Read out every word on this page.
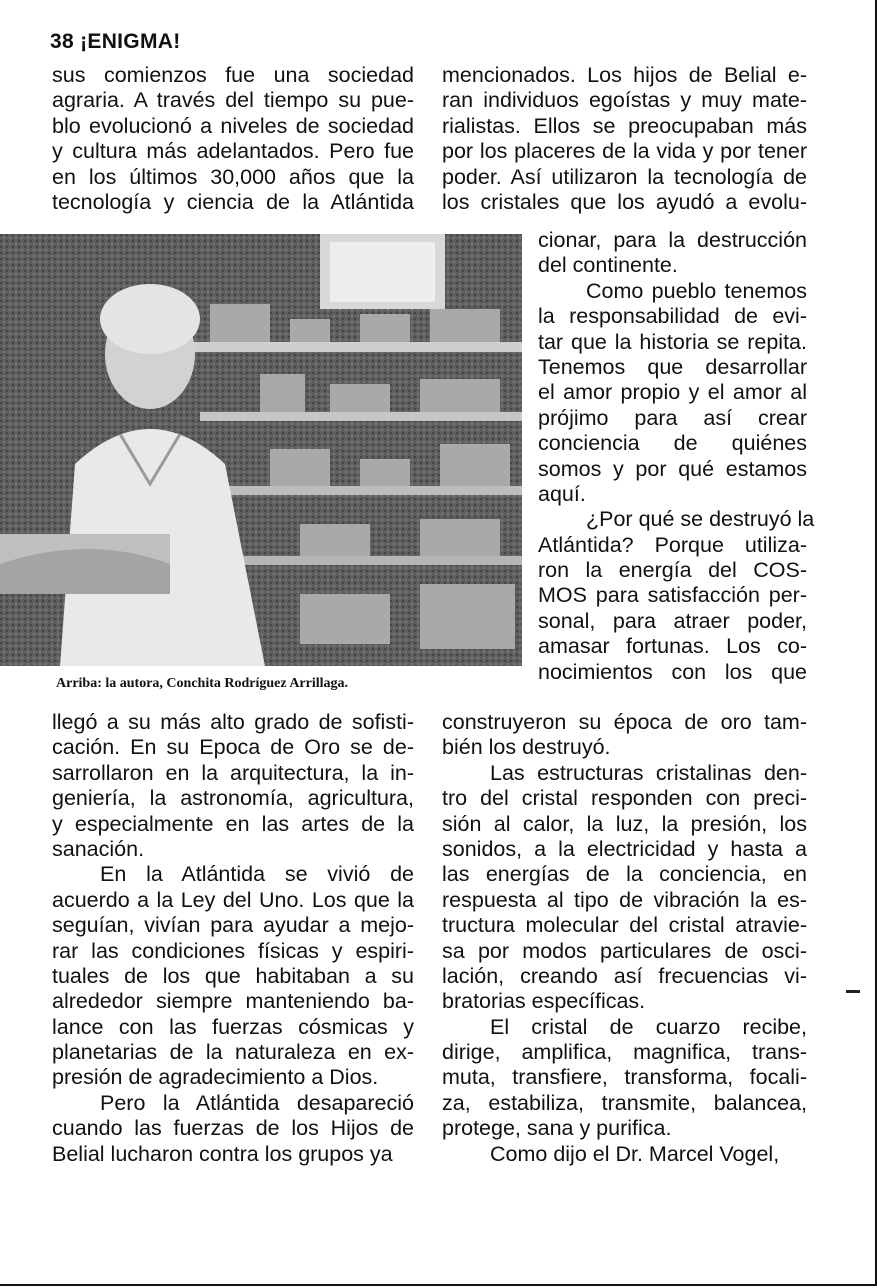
38 ¡ENIGMA!
sus comienzos fue una sociedad
agraria. A través del tiempo su pue-
blo evolucionó a niveles de sociedad
y cultura más adelantados. Pero fue
en los últimos 30,000 años que la
tecnología y ciencia de la Atlántida
Arriba: la autora, Conchita Rodríguez Arrillaga.
llegó a su más alto grado de sofisti-
cación. En su Epoca de Oro se de-
sarrollaron en la arquitectura, la in-
geniería, la astronomía, agricultura,
y especialmente en las artes de la
sanación.
En la Atlántida se vivió de
acuerdo a la Ley del Uno. Los que la
seguían, vivían para ayudar a mejo-
rar las condiciones físicas y espiri-
tuales de los que habitaban a su
alrededor siempre manteniendo ba-
lance con las fuerzas cósmicas y
planetarias de la naturaleza en ex-
presión de agradecimiento a Dios.
Pero la Atlántida desapareció
cuando las fuerzas de los Hijos de
Belial lucharon contra los grupos ya
mencionados. Los hijos de Belial e-
ran individuos egoístas y muy mate-
rialistas. Ellos se preocupaban más
por los placeres de la vida y por tener
poder. Así utilizaron la tecnología de
los cristales que los ayudó a evolu-
cionar, para la destrucción
del continente.
Como pueblo tenemos
la responsabilidad de evi-
tar que la historia se repita.
Tenemos que desarrollar
el amor propio y el amor al
prójimo para así crear
conciencia de quiénes
somos y por qué estamos
aquí.
¿Por qué se destruyó la
Atlántida? Porque utiliza-
ron la energía del COS-
MOS para satisfacción per-
sonal, para atraer poder,
amasar fortunas. Los co-
nocimientos con los que
construyeron su época de oro tam-
bién los destruyó.
Las estructuras cristalinas den-
tro del cristal responden con preci-
sión al calor, la luz, la presión, los
sonidos, a la electricidad y hasta a
las energías de la conciencia, en
respuesta al tipo de vibración la es-
tructura molecular del cristal atravie-
sa por modos particulares de osci-
lación, creando así frecuencias vi-
bratorias específicas.
El cristal de cuarzo recibe,
dirige, amplifica, magnifica, trans-
muta, transfiere, transforma, focali-
za, estabiliza, transmite, balancea,
protege, sana y purifica.
Como dijo el Dr. Marcel Vogel,
